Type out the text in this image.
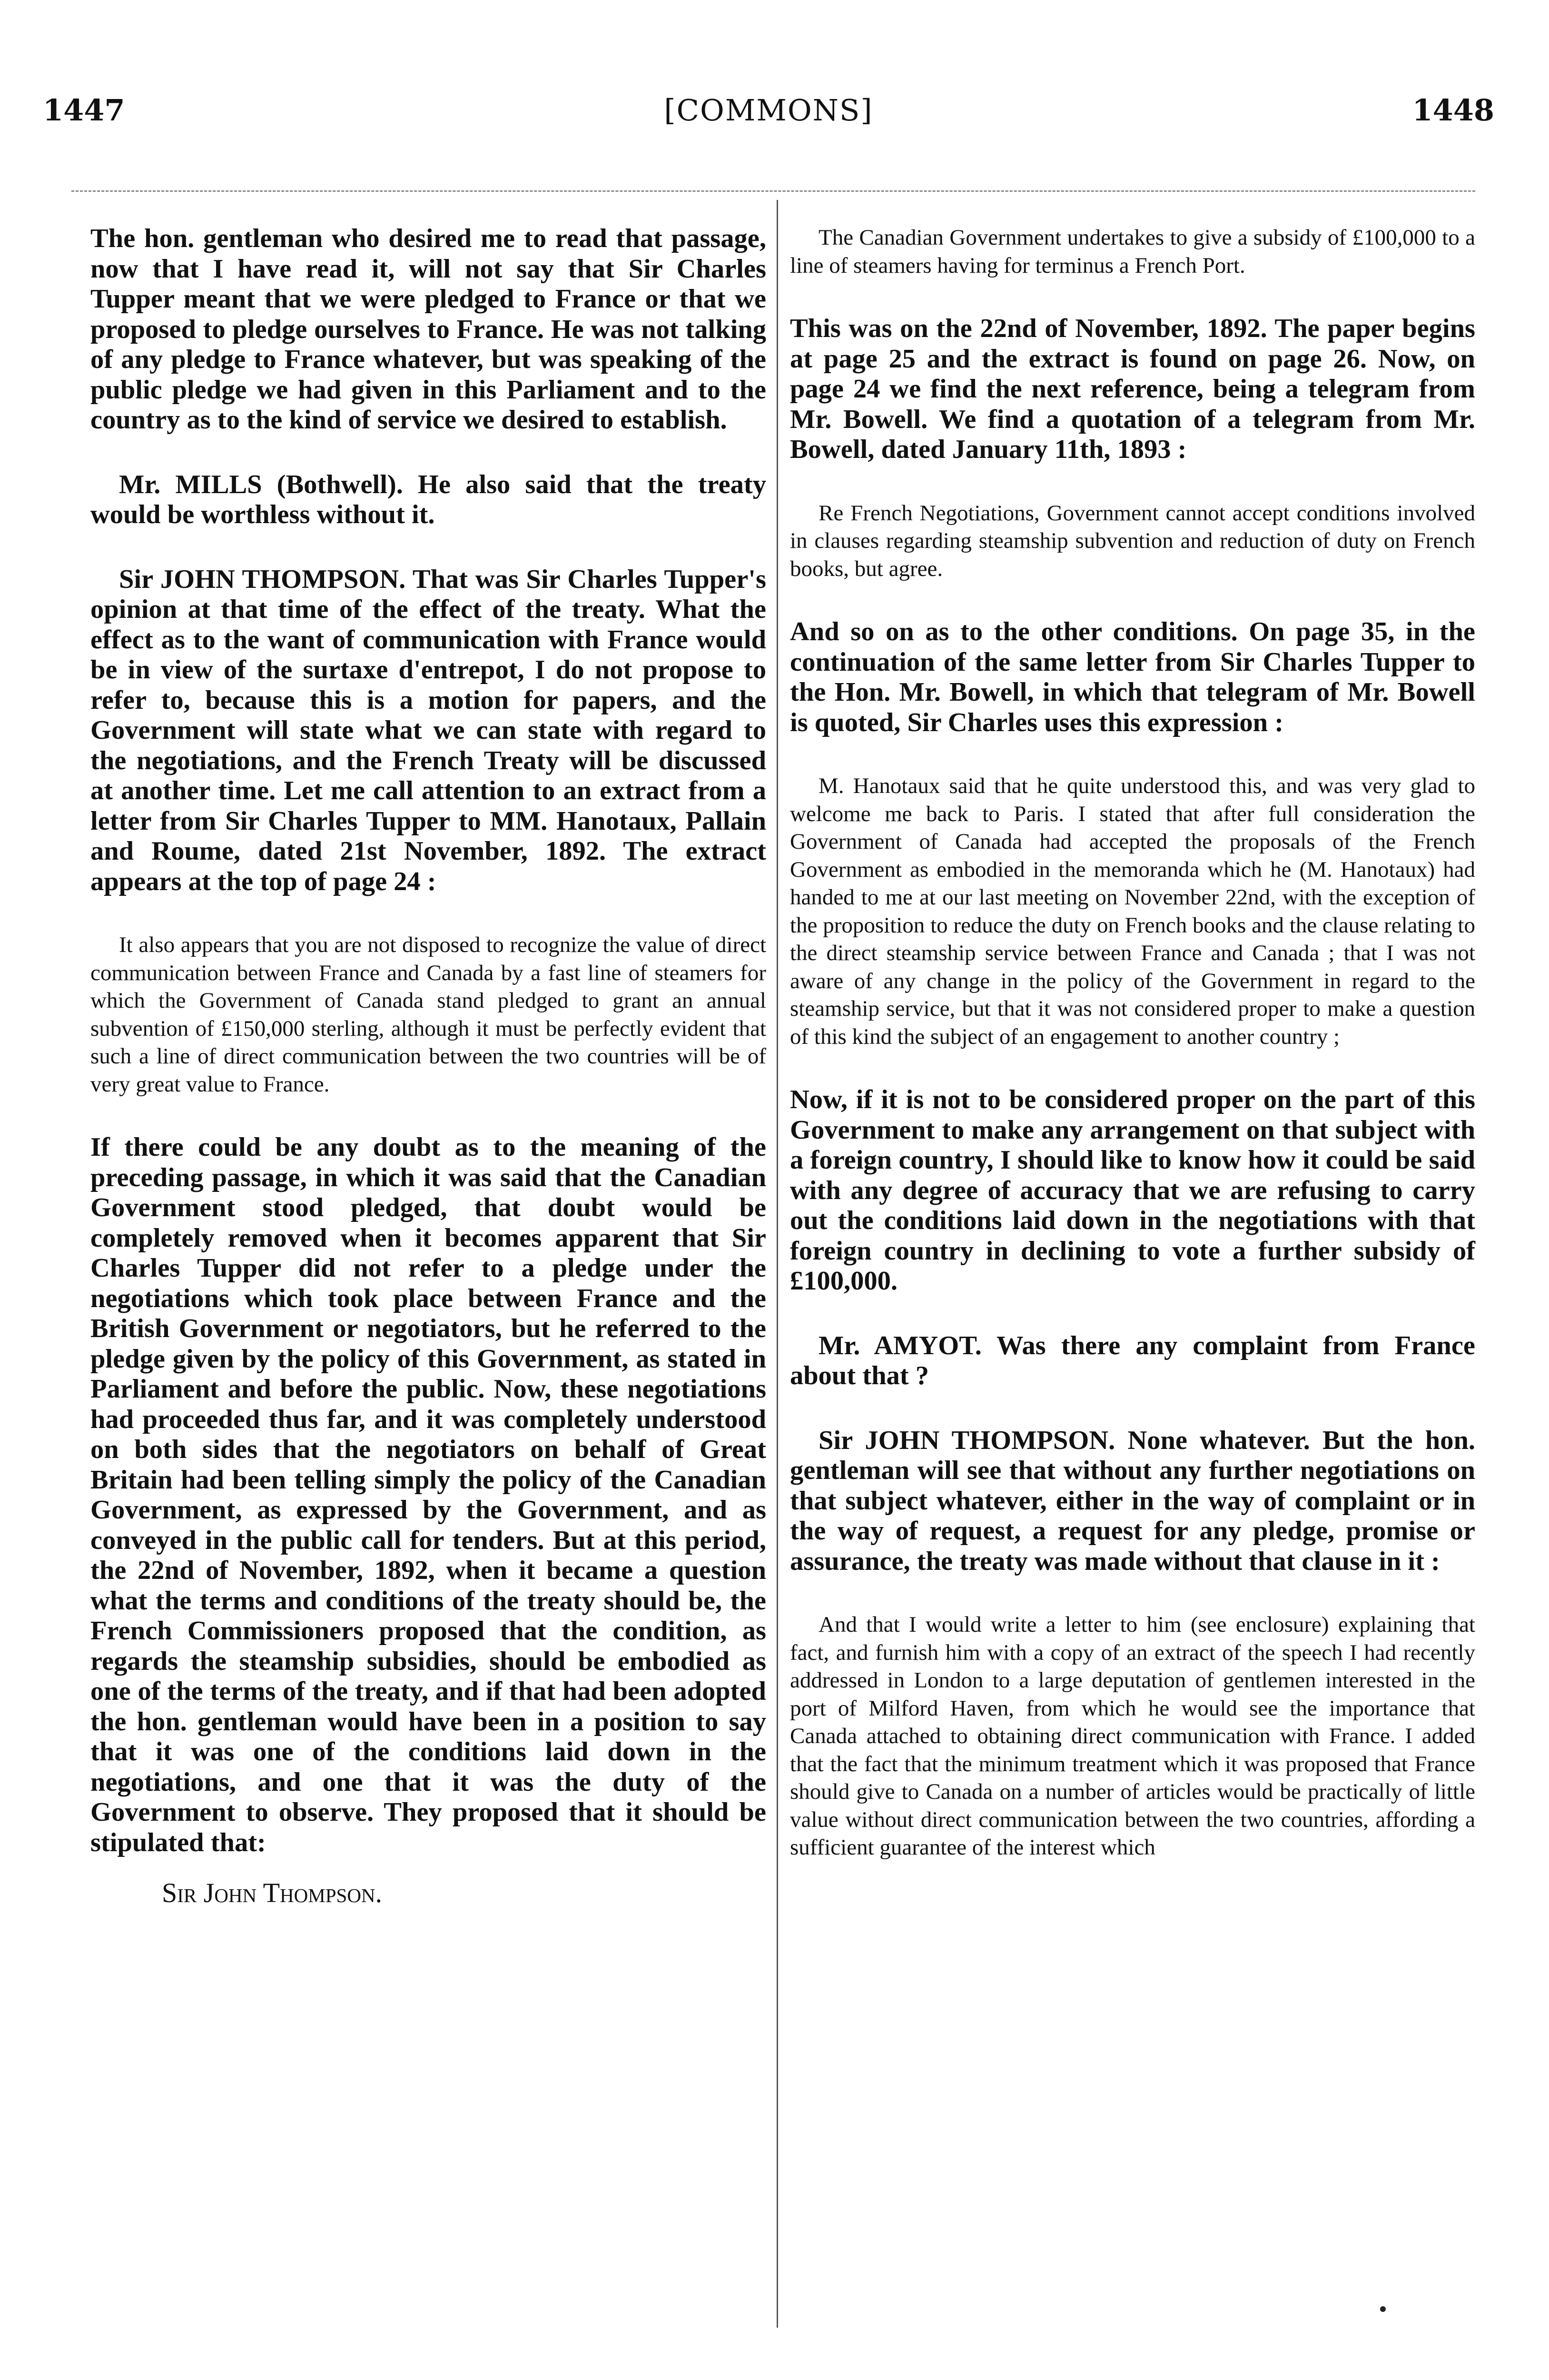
1447	[COMMONS]	1448

The hon. gentleman who desired me to read that passage, now that I have read it, will not say that Sir Charles Tupper meant that we were pledged to France or that we proposed to pledge ourselves to France. He was not talking of any pledge to France whatever, but was speaking of the public pledge we had given in this Parliament and to the country as to the kind of service we desired to establish.

Mr. MILLS (Bothwell). He also said that the treaty would be worthless without it.

Sir JOHN THOMPSON. That was Sir Charles Tupper's opinion at that time of the effect of the treaty. What the effect as to the want of communication with France would be in view of the surtaxe d'entrepot, I do not propose to refer to, because this is a motion for papers, and the Government will state what we can state with regard to the negotiations, and the French Treaty will be discussed at another time. Let me call attention to an extract from a letter from Sir Charles Tupper to MM. Hanotaux, Pallain and Roume, dated 21st November, 1892. The extract appears at the top of page 24 :

It also appears that you are not disposed to recognize the value of direct communication between France and Canada by a fast line of steamers for which the Government of Canada stand pledged to grant an annual subvention of £150,000 sterling, although it must be perfectly evident that such a line of direct communication between the two countries will be of very great value to France.

If there could be any doubt as to the meaning of the preceding passage, in which it was said that the Canadian Government stood pledged, that doubt would be completely removed when it becomes apparent that Sir Charles Tupper did not refer to a pledge under the negotiations which took place between France and the British Government or negotiators, but he referred to the pledge given by the policy of this Government, as stated in Parliament and before the public. Now, these negotiations had proceeded thus far, and it was completely understood on both sides that the negotiators on behalf of Great Britain had been telling simply the policy of the Canadian Government, as expressed by the Government, and as conveyed in the public call for tenders. But at this period, the 22nd of November, 1892, when it became a question what the terms and conditions of the treaty should be, the French Commissioners proposed that the condition, as regards the steamship subsidies, should be embodied as one of the terms of the treaty, and if that had been adopted the hon. gentleman would have been in a position to say that it was one of the conditions laid down in the negotiations, and one that it was the duty of the Government to observe. They proposed that it should be stipulated that:

Sir John Thompson.

The Canadian Government undertakes to give a subsidy of £100,000 to a line of steamers having for terminus a French Port.

This was on the 22nd of November, 1892. The paper begins at page 25 and the extract is found on page 26. Now, on page 24 we find the next reference, being a telegram from Mr. Bowell. We find a quotation of a telegram from Mr. Bowell, dated January 11th, 1893 :

Re French Negotiations, Government cannot accept conditions involved in clauses regarding steamship subvention and reduction of duty on French books, but agree.

And so on as to the other conditions. On page 35, in the continuation of the same letter from Sir Charles Tupper to the Hon. Mr. Bowell, in which that telegram of Mr. Bowell is quoted, Sir Charles uses this expression :

M. Hanotaux said that he quite understood this, and was very glad to welcome me back to Paris. I stated that after full consideration the Government of Canada had accepted the proposals of the French Government as embodied in the memoranda which he (M. Hanotaux) had handed to me at our last meeting on November 22nd, with the exception of the proposition to reduce the duty on French books and the clause relating to the direct steamship service between France and Canada ; that I was not aware of any change in the policy of the Government in regard to the steamship service, but that it was not considered proper to make a question of this kind the subject of an engagement to another country ;

Now, if it is not to be considered proper on the part of this Government to make any arrangement on that subject with a foreign country, I should like to know how it could be said with any degree of accuracy that we are refusing to carry out the conditions laid down in the negotiations with that foreign country in declining to vote a further subsidy of £100,000.

Mr. AMYOT. Was there any complaint from France about that ?

Sir JOHN THOMPSON. None whatever. But the hon. gentleman will see that without any further negotiations on that subject whatever, either in the way of complaint or in the way of request, a request for any pledge, promise or assurance, the treaty was made without that clause in it :

And that I would write a letter to him (see enclosure) explaining that fact, and furnish him with a copy of an extract of the speech I had recently addressed in London to a large deputation of gentlemen interested in the port of Milford Haven, from which he would see the importance that Canada attached to obtaining direct communication with France. I added that the fact that the minimum treatment which it was proposed that France should give to Canada on a number of articles would be practically of little value without direct communication between the two countries, affording a sufficient guarantee of the interest which
